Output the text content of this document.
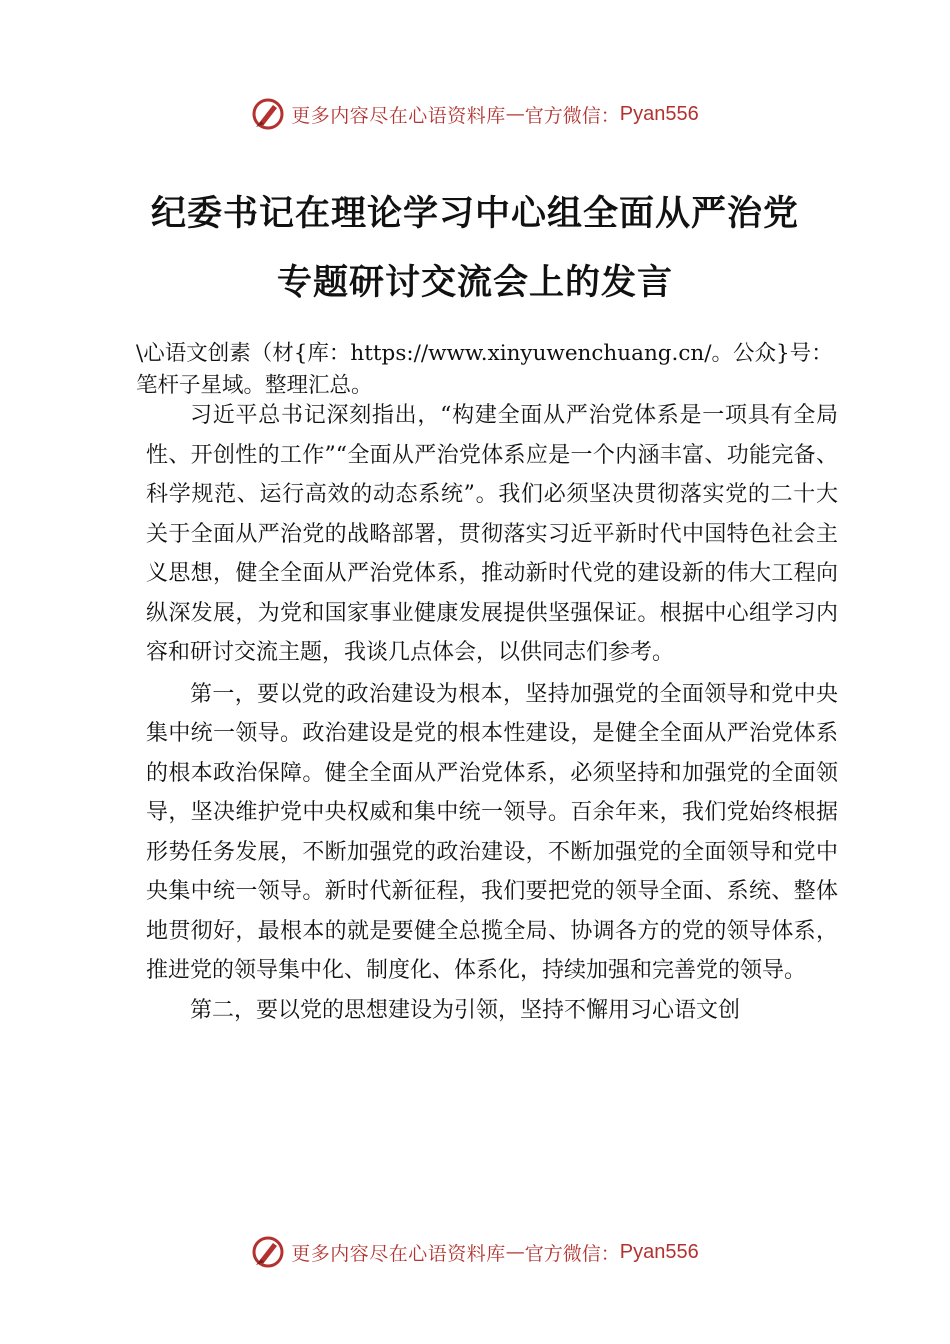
更多内容尽在心语资料库 — 官方微信： Pyan556
纪委书记在理论学习中心组全面从严治党
专题研讨交流会上的发言
\心语文创素（材{库：https://www.xinyuwenchuang.cn/。公众}号：笔杆子星域。整理汇总。

习近平总书记深刻指出，“构建全面从严治党体系是一项具有全局性、开创性的工作”“全面从严治党体系应是一个内涵丰富、功能完备、科学规范、运行高效的动态系统”。我们必须坚决贯彻落实党的二十大关于全面从严治党的战略部署，贯彻落实习近平新时代中国特色社会主义思想，健全全面从严治党体系，推动新时代党的建设新的伟大工程向纵深发展，为党和国家事业健康发展提供坚强保证。根据中心组学习内容和研讨交流主题，我谈几点体会，以供同志们参考。

第一，要以党的政治建设为根本，坚持加强党的全面领导和党中央集中统一领导。政治建设是党的根本性建设，是健全全面从严治党体系的根本政治保障。健全全面从严治党体系，必须坚持和加强党的全面领导，坚决维护党中央权威和集中统一领导。百余年来，我们党始终根据形势任务发展，不断加强党的政治建设，不断加强党的全面领导和党中央集中统一领导。新时代新征程，我们要把党的领导全面、系统、整体地贯彻好，最根本的就是要健全总揽全局、协调各方的党的领导体系，推进党的领导集中化、制度化、体系化，持续加强和完善党的领导。

第二，要以党的思想建设为引领，坚持不懈用习心语文创

更多内容尽在心语资料库 — 官方微信： Pyan556
